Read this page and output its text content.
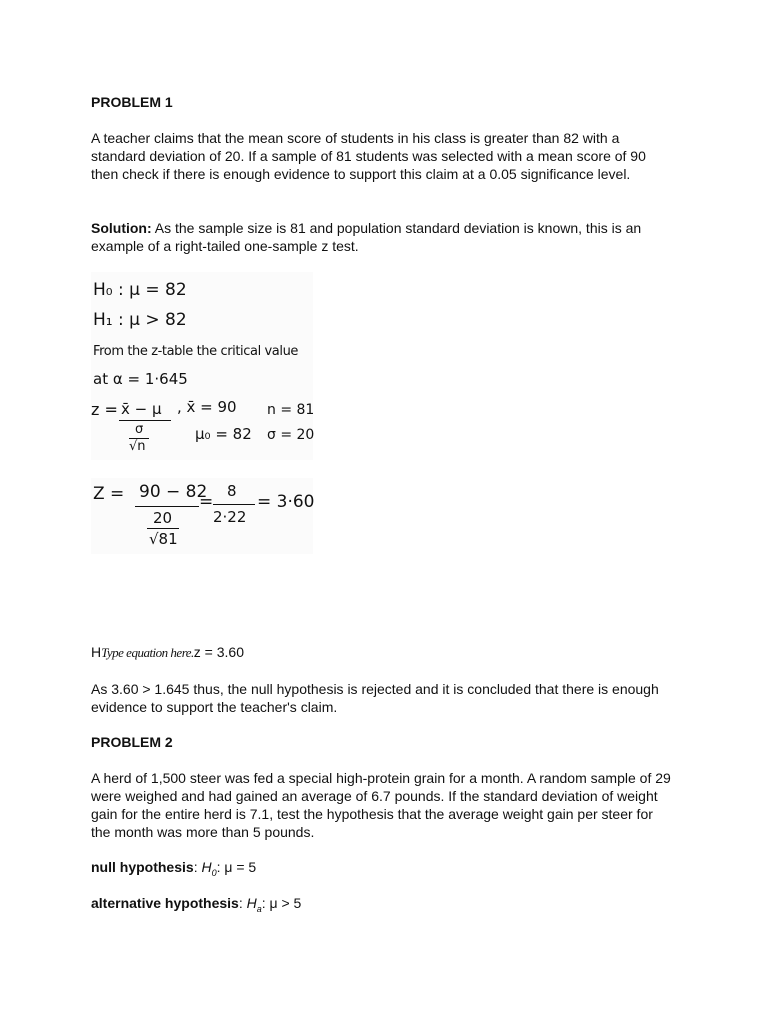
PROBLEM 1
A teacher claims that the mean score of students in his class is greater than 82 with a standard deviation of 20. If a sample of 81 students was selected with a mean score of 90 then check if there is enough evidence to support this claim at a 0.05 significance level.
Solution: As the sample size is 81 and population standard deviation is known, this is an example of a right-tailed one-sample z test.
H₀ : μ = 82
H₁ : μ > 82
From the z-table the critical value
at α = 1·645
z = x̄ − μ
σ
√n
, x̄ = 90
μ₀ = 82
n = 81
σ = 20
Z = 90 − 82
20
√81
=
8
2·22
= 3·60
HType equation here.z = 3.60
As 3.60 > 1.645 thus, the null hypothesis is rejected and it is concluded that there is enough evidence to support the teacher's claim.
PROBLEM 2
A herd of 1,500 steer was fed a special high-protein grain for a month. A random sample of 29 were weighed and had gained an average of 6.7 pounds. If the standard deviation of weight gain for the entire herd is 7.1, test the hypothesis that the average weight gain per steer for the month was more than 5 pounds.
null hypothesis: $H_0$: μ = 5
alternative hypothesis: $H_a$: μ > 5
